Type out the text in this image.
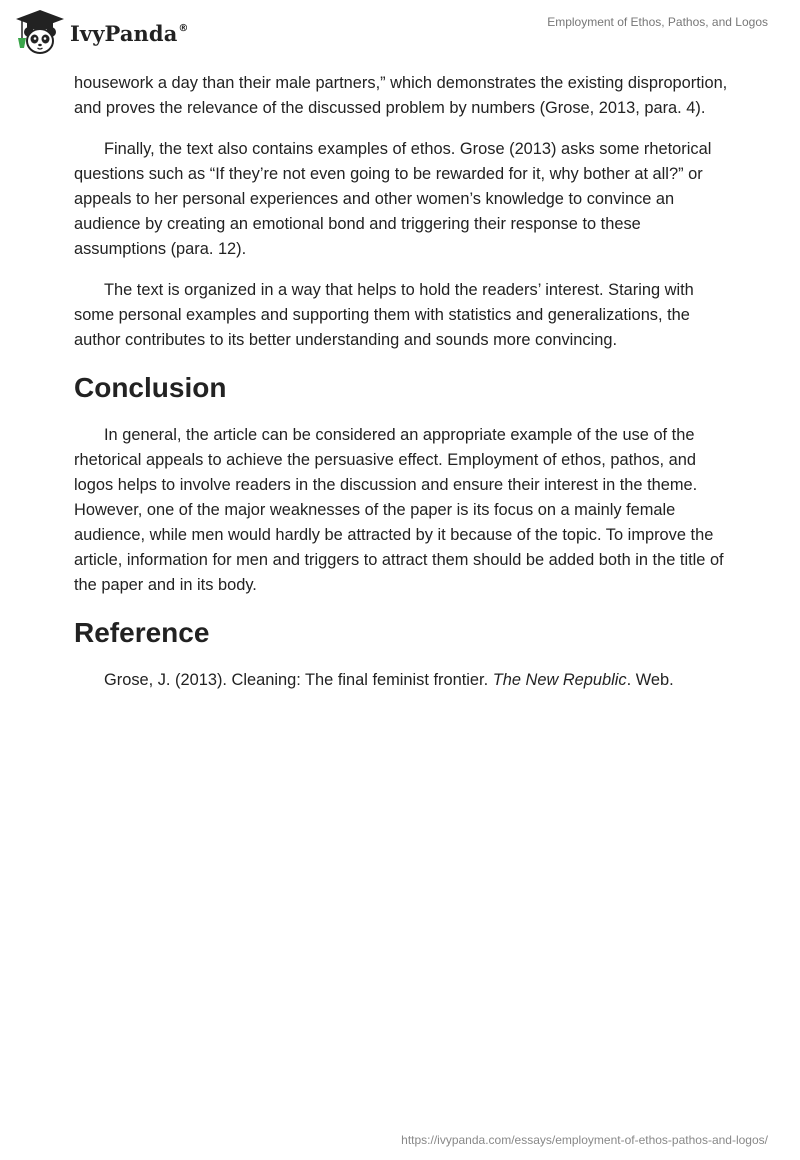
IvyPanda®	Employment of Ethos, Pathos, and Logos

housework a day than their male partners,” which demonstrates the existing disproportion, and proves the relevance of the discussed problem by numbers (Grose, 2013, para. 4).

Finally, the text also contains examples of ethos. Grose (2013) asks some rhetorical questions such as “If they’re not even going to be rewarded for it, why bother at all?” or appeals to her personal experiences and other women’s knowledge to convince an audience by creating an emotional bond and triggering their response to these assumptions (para. 12).

The text is organized in a way that helps to hold the readers’ interest. Staring with some personal examples and supporting them with statistics and generalizations, the author contributes to its better understanding and sounds more convincing.

Conclusion

In general, the article can be considered an appropriate example of the use of the rhetorical appeals to achieve the persuasive effect. Employment of ethos, pathos, and logos helps to involve readers in the discussion and ensure their interest in the theme. However, one of the major weaknesses of the paper is its focus on a mainly female audience, while men would hardly be attracted by it because of the topic. To improve the article, information for men and triggers to attract them should be added both in the title of the paper and in its body.

Reference

Grose, J. (2013). Cleaning: The final feminist frontier. The New Republic. Web.

https://ivypanda.com/essays/employment-of-ethos-pathos-and-logos/
